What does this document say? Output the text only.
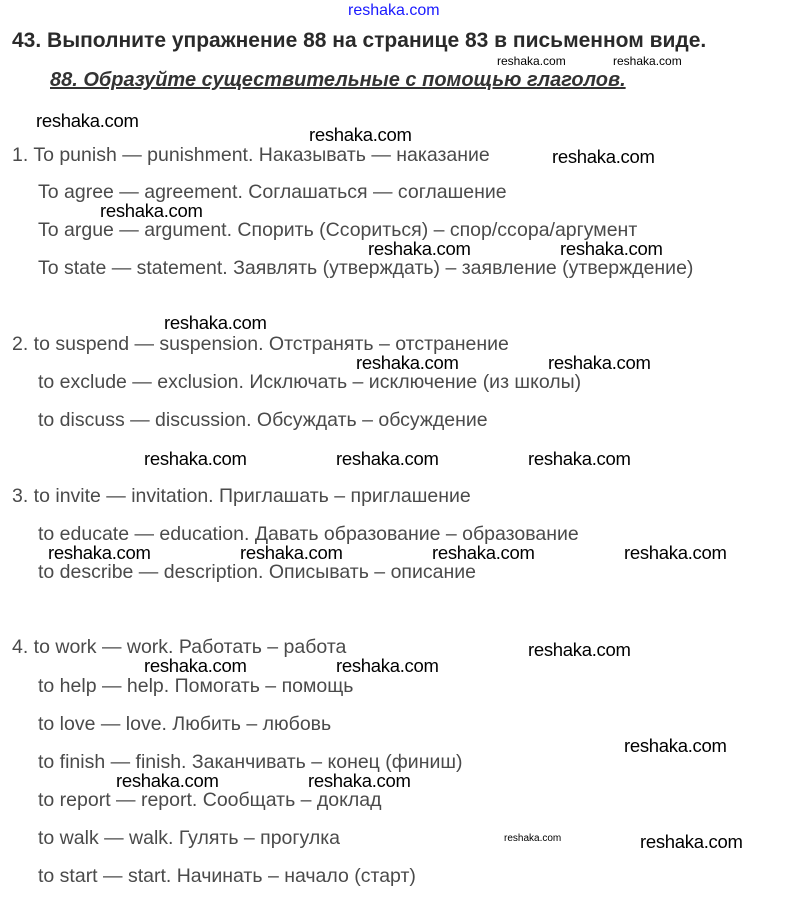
43. Выполните упражнение 88 на странице 83 в письменном виде.
88. Образуйте существительные с помощью глаголов.
1. To punish — punishment. Наказывать — наказание
To agree — agreement. Соглашаться — соглашение
To argue — argument. Спорить (Ссориться) – спор/ссора/аргумент
To state — statement. Заявлять (утверждать) – заявление (утверждение)
2. to suspend — suspension. Отстранять – отстранение
to exclude — exclusion. Исключать – исключение (из школы)
to discuss — discussion. Обсуждать – обсуждение
3. to invite — invitation. Приглашать – приглашение
to educate — education. Давать образование – образование
to describe — description. Описывать – описание
4. to work — work. Работать – работа
to help — help. Помогать – помощь
to love — love. Любить – любовь
to finish — finish. Заканчивать – конец (финиш)
to report — report. Сообщать – доклад
to walk — walk. Гулять – прогулка
to start — start. Начинать – начало (старт)
reshaka.com
reshaka.com	reshaka.com
reshaka.com
reshaka.com
reshaka.com
reshaka.com
reshaka.com
reshaka.com	reshaka.com
reshaka.com
reshaka.com	reshaka.com
reshaka.com	reshaka.com	reshaka.com
reshaka.com	reshaka.com	reshaka.com	reshaka.com
reshaka.com
reshaka.com	reshaka.com
reshaka.com
reshaka.com	reshaka.com
reshaka.com
